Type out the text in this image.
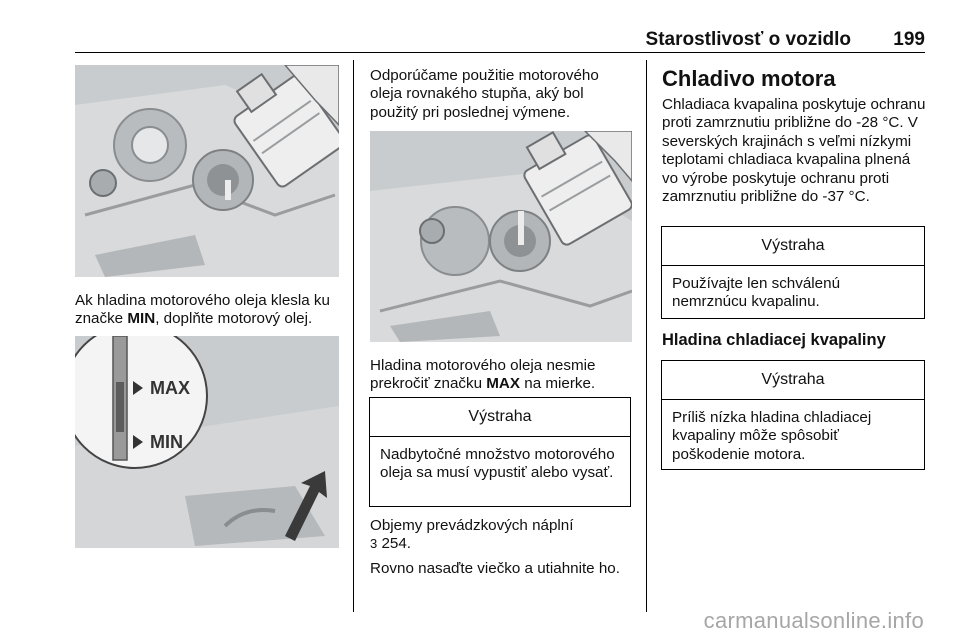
Starostlivosť o vozidlo 199

Ak hladina motorového oleja klesla ku značke MIN, doplňte motorový olej.

MAX
MIN

Odporúčame použitie motorového oleja rovnakého stupňa, aký bol použitý pri poslednej výmene.

Hladina motorového oleja nesmie prekročiť značku MAX na mierke.

Výstraha
Nadbytočné množstvo motorového oleja sa musí vypustiť alebo vysať.

Objemy prevádzkových náplní

3 254.

Rovno nasaďte viečko a utiahnite ho.

Chladivo motora

Chladiaca kvapalina poskytuje ochranu proti zamrznutiu približne do -28 °C. V severských krajinách s veľmi nízkymi teplotami chladiaca kvapalina plnená vo výrobe poskytuje ochranu proti zamrznutiu približne do -37 °C.

Výstraha
Používajte len schválenú nemrznúcu kvapalinu.
Hladina chladiacej kvapaliny
Výstraha
Príliš nízka hladina chladiacej kvapaliny môže spôsobiť poškodenie motora.
carmanualsonline.info
